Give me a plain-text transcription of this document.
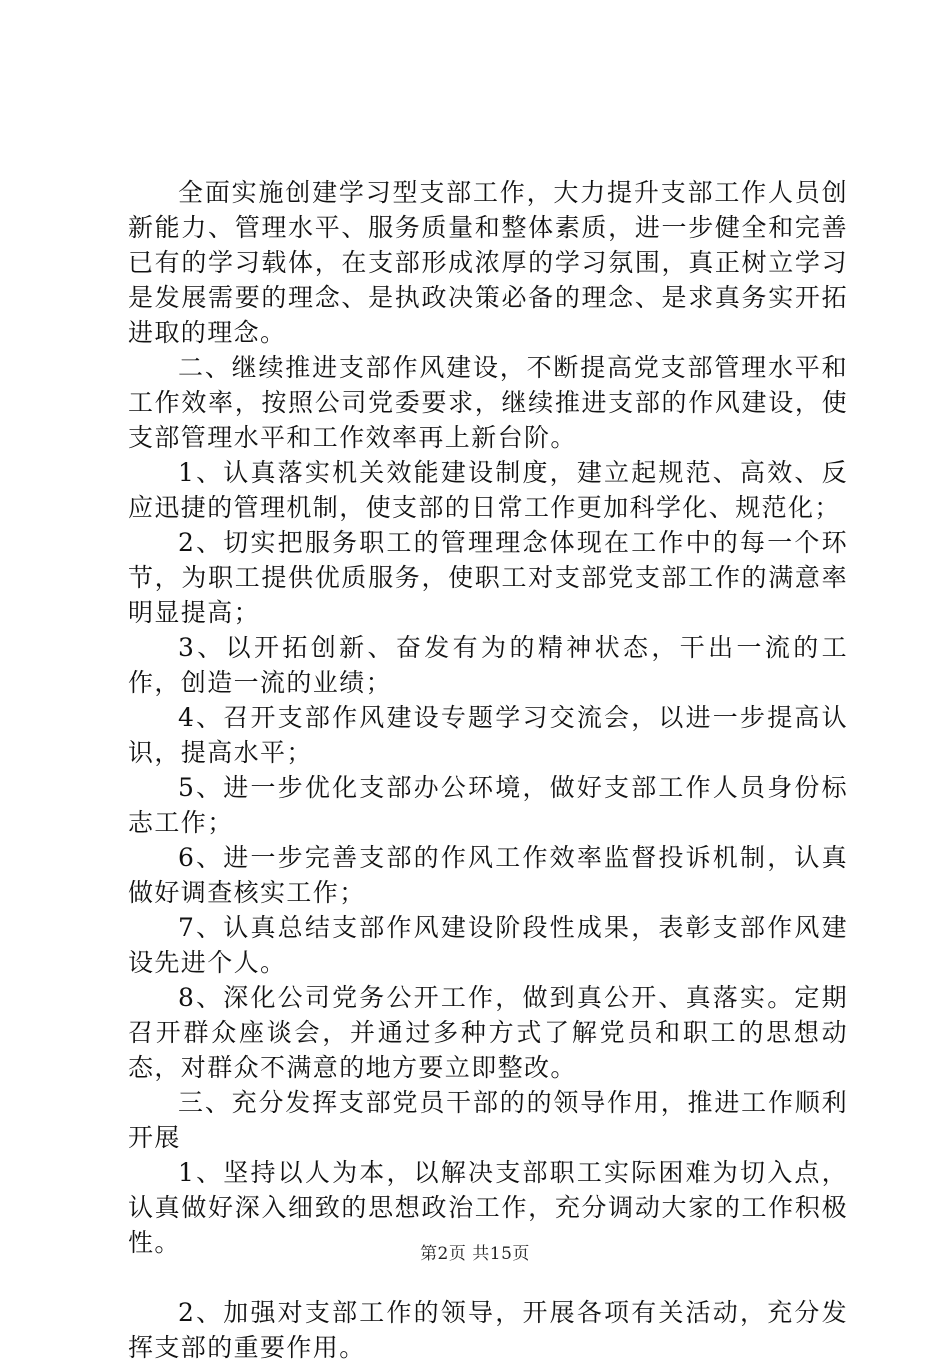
全面实施创建学习型支部工作，大力提升支部工作人员创新能力、管理水平、服务质量和整体素质，进一步健全和完善已有的学习载体，在支部形成浓厚的学习氛围，真正树立学习是发展需要的理念、是执政决策必备的理念、是求真务实开拓进取的理念。

二、继续推进支部作风建设，不断提高党支部管理水平和工作效率，按照公司党委要求，继续推进支部的作风建设，使支部管理水平和工作效率再上新台阶。

1、认真落实机关效能建设制度，建立起规范、高效、反应迅捷的管理机制，使支部的日常工作更加科学化、规范化；

2、切实把服务职工的管理理念体现在工作中的每一个环节，为职工提供优质服务，使职工对支部党支部工作的满意率明显提高；

3、以开拓创新、奋发有为的精神状态，干出一流的工作，创造一流的业绩；

4、召开支部作风建设专题学习交流会，以进一步提高认识，提高水平；

5、进一步优化支部办公环境，做好支部工作人员身份标志工作；

6、进一步完善支部的作风工作效率监督投诉机制，认真做好调查核实工作；

7、认真总结支部作风建设阶段性成果，表彰支部作风建设先进个人。

8、深化公司党务公开工作，做到真公开、真落实。定期召开群众座谈会，并通过多种方式了解党员和职工的思想动态，对群众不满意的地方要立即整改。

三、充分发挥支部党员干部的的领导作用，推进工作顺利开展

1、坚持以人为本，以解决支部职工实际困难为切入点，认真做好深入细致的思想政治工作，充分调动大家的工作积极性。

2、加强对支部工作的领导，开展各项有关活动，充分发挥支部的重要作用。

第2页 共15页
